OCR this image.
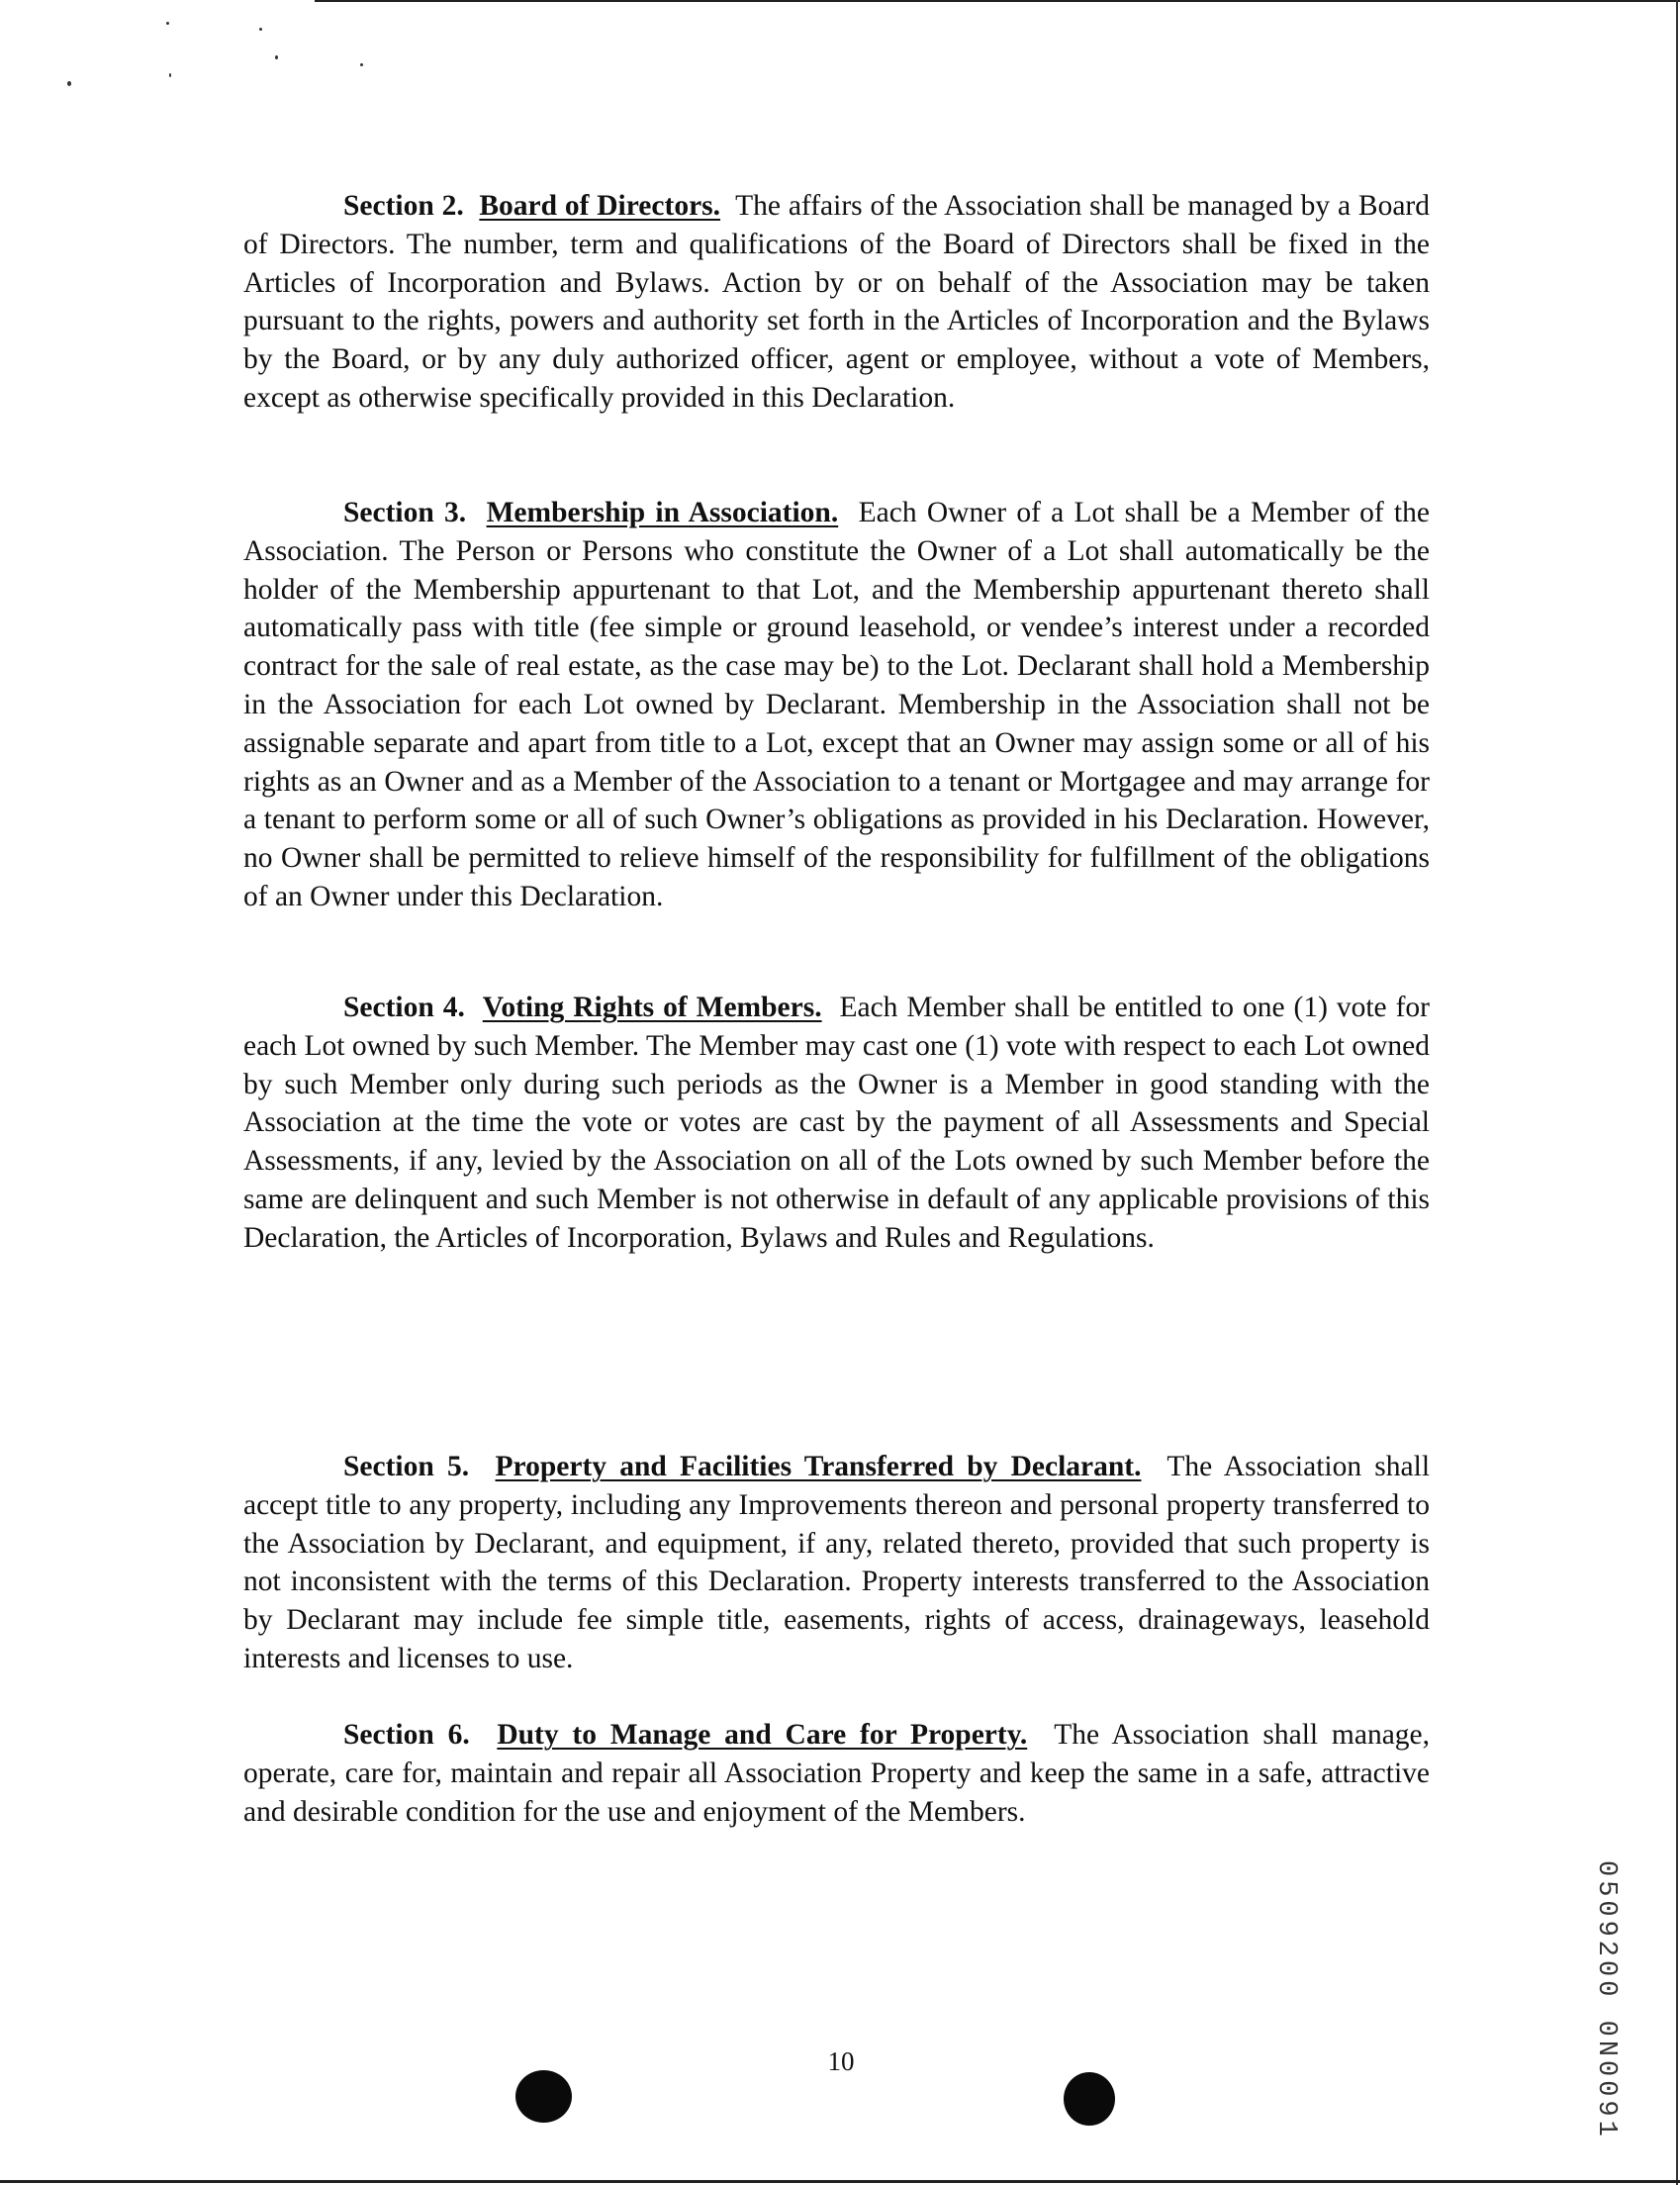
Section 2. Board of Directors. The affairs of the Association shall be managed by a Board of Directors. The number, term and qualifications of the Board of Directors shall be fixed in the Articles of Incorporation and Bylaws. Action by or on behalf of the Association may be taken pursuant to the rights, powers and authority set forth in the Articles of Incorporation and the Bylaws by the Board, or by any duly authorized officer, agent or employee, without a vote of Members, except as otherwise specifically provided in this Declaration.

Section 3. Membership in Association. Each Owner of a Lot shall be a Member of the Association. The Person or Persons who constitute the Owner of a Lot shall automatically be the holder of the Membership appurtenant to that Lot, and the Membership appurtenant thereto shall automatically pass with title (fee simple or ground leasehold, or vendee’s interest under a recorded contract for the sale of real estate, as the case may be) to the Lot. Declarant shall hold a Membership in the Association for each Lot owned by Declarant. Membership in the Association shall not be assignable separate and apart from title to a Lot, except that an Owner may assign some or all of his rights as an Owner and as a Member of the Association to a tenant or Mortgagee and may arrange for a tenant to perform some or all of such Owner’s obligations as provided in his Declaration. However, no Owner shall be permitted to relieve himself of the responsibility for fulfillment of the obligations of an Owner under this Declaration.

Section 4. Voting Rights of Members. Each Member shall be entitled to one (1) vote for each Lot owned by such Member. The Member may cast one (1) vote with respect to each Lot owned by such Member only during such periods as the Owner is a Member in good standing with the Association at the time the vote or votes are cast by the payment of all Assessments and Special Assessments, if any, levied by the Association on all of the Lots owned by such Member before the same are delinquent and such Member is not otherwise in default of any applicable provisions of this Declaration, the Articles of Incorporation, Bylaws and Rules and Regulations.

Section 5. Property and Facilities Transferred by Declarant. The Association shall accept title to any property, including any Improvements thereon and personal property transferred to the Association by Declarant, and equipment, if any, related thereto, provided that such property is not inconsistent with the terms of this Declaration. Property interests transferred to the Association by Declarant may include fee simple title, easements, rights of access, drainageways, leasehold interests and licenses to use.

Section 6. Duty to Manage and Care for Property. The Association shall manage, operate, care for, maintain and repair all Association Property and keep the same in a safe, attractive and desirable condition for the use and enjoyment of the Members.

0509200 0N0091
10
